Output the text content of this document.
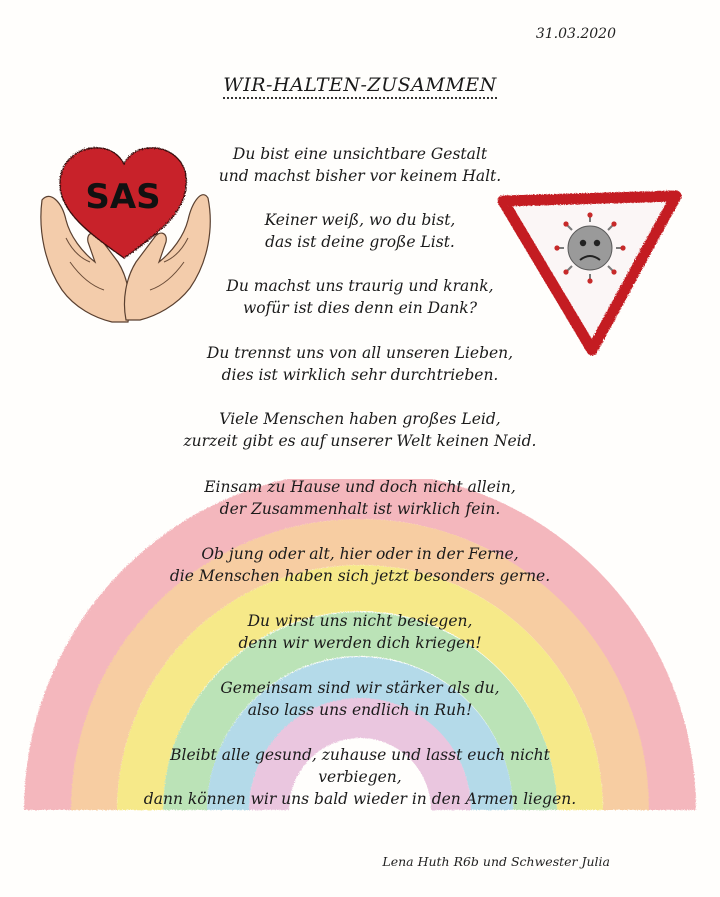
SAS
31.03.2020
WIR-HALTEN-ZUSAMMEN
Du bist eine unsichtbare Gestalt
und machst bisher vor keinem Halt.
Keiner weiß, wo du bist,
das ist deine große List.
Du machst uns traurig und krank,
wofür ist dies denn ein Dank?
Du trennst uns von all unseren Lieben,
dies ist wirklich sehr durchtrieben.
Viele Menschen haben großes Leid,
zurzeit gibt es auf unserer Welt keinen Neid.
Einsam zu Hause und doch nicht allein,
der Zusammenhalt ist wirklich fein.
Ob jung oder alt, hier oder in der Ferne,
die Menschen haben sich jetzt besonders gerne.
Du wirst uns nicht besiegen,
denn wir werden dich kriegen!
Gemeinsam sind wir stärker als du,
also lass uns endlich in Ruh!
Bleibt alle gesund, zuhause und lasst euch nicht
verbiegen,
dann können wir uns bald wieder in den Armen liegen.
Lena Huth R6b und Schwester Julia
